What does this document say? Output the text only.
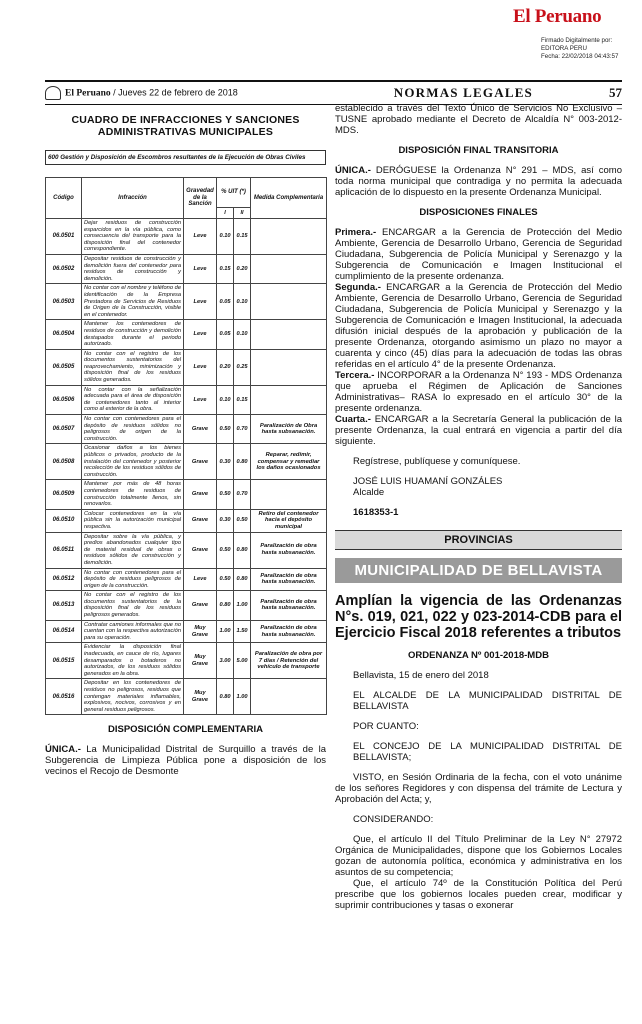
El Peruano
Firmado Digitalmente por:
EDITORA PERU
Fecha: 22/02/2018 04:43:57
El Peruano / Jueves 22 de febrero de 2018	NORMAS LEGALES	57
CUADRO DE INFRACCIONES Y SANCIONES ADMINISTRATIVAS MUNICIPALES
600 Gestión y Disposición de Escombros resultantes de la Ejecución de Obras Civiles
Código	Infracción	Gravedad de la Sanción	% UIT (*)		Medida Complementaria
			I	II	
06.0501	Dejar residuos de construcción esparcidos en la vía pública, como consecuencia del transporte para la disposición final del contenedor correspondiente.	Leve	0.10	0.15	
06.0502	Depositar residuos de construcción y demolición fuera del contenedor para residuos de construcción y demolición.	Leve	0.15	0.20	
06.0503	No contar con el nombre y teléfono de identificación de la Empresa Prestadora de Servicios de Residuos de Origen de la Construcción, visible en el contenedor.	Leve	0.05	0.10	
06.0504	Mantener los contenedores de residuos de construcción y demolición destapados durante el periodo autorizado.	Leve	0.05	0.10	
06.0505	No contar con el registro de los documentos sustentatorios del reaprovechamiento, minimización y disposición final de los residuos sólidos generados.	Leve	0.20	0.25	
06.0506	No contar con la señalización adecuada para el área de disposición de contenedores tanto al interior como al exterior de la obra.	Leve	0.10	0.15	
06.0507	No contar con contenedores para el depósito de residuos sólidos no peligrosos de origen de la construcción.	Grave	0.50	0.70	Paralización de Obra hasta subsanación.
06.0508	Ocasionar daños a los bienes públicos o privados, producto de la instalación del contenedor y posterior recolección de los residuos sólidos de construcción.	Grave	0.30	0.80	Reparar, redimir, compensar y remediar los daños ocasionados
06.0509	Mantener por más de 48 horas contenedores de residuos de construcción totalmente llenos, sin renovarlos.	Grave	0.50	0.70	
06.0510	Colocar contenedores en la vía pública sin la autorización municipal respectiva.	Grave	0.30	0.50	Retiro del contenedor hacia el depósito municipal
06.0511	Depositar sobre la vía pública, y predios abandonados cualquier tipo de material residual de obras o residuos sólidos de construcción y demolición.	Grave	0.50	0.80	Paralización de obra hasta subsanación.
06.0512	No contar con contenedores para el depósito de residuos peligrosos de origen de la construcción.	Leve	0.50	0.80	Paralización de obra hasta subsanación.
06.0513	No contar con el registro de los documentos sustentatorios de la disposición final de los residuos peligrosos generados.	Grave	0.80	1.00	Paralización de obra hasta subsanación.
06.0514	Contratar camiones informales que no cuentan con la respectiva autorización para su operación.	Muy Grave	1.00	1.50	Paralización de obra hasta subsanación.
06.0515	Evidenciar la disposición final inadecuada, en cauce de río, lugares desamparados o botaderos no autorizados, de los residuos sólidos generados en la obra.	Muy Grave	3.00	5.00	Paralización de obra por 7 días / Retención del vehículo de transporte
06.0516	Depositar en los contenedores de residuos no peligrosos, residuos que contengan materiales inflamables, explosivos, nocivos, corrosivos y en general residuos peligrosos.	Muy Grave	0.80	1.00	
DISPOSICIÓN COMPLEMENTARIA
ÚNICA.- La Municipalidad Distrital de Surquillo a través de la Subgerencia de Limpieza Pública pone a disposición de los vecinos el Recojo de Desmonte
establecido a través del Texto Único de Servicios No Exclusivo – TUSNE aprobado mediante el Decreto de Alcaldía N° 003-2012-MDS.
DISPOSICIÓN FINAL TRANSITORIA
ÚNICA.- DERÓGUESE la Ordenanza N° 291 – MDS, así como toda norma municipal que contradiga y no permita la adecuada aplicación de lo dispuesto en la presente Ordenanza Municipal.
DISPOSICIONES FINALES
Primera.- ENCARGAR a la Gerencia de Protección del Medio Ambiente, Gerencia de Desarrollo Urbano, Gerencia de Seguridad Ciudadana, Subgerencia de Policía Municipal y Serenazgo y la Subgerencia de Comunicación e Imagen Institucional el cumplimiento de la presente ordenanza.
Segunda.- ENCARGAR a la Gerencia de Protección del Medio Ambiente, Gerencia de Desarrollo Urbano, Gerencia de Seguridad Ciudadana, Subgerencia de Policía Municipal y Serenazgo y la Subgerencia de Comunicación e Imagen Institucional, la adecuada difusión inicial después de la aprobación y publicación de la presente Ordenanza, otorgando asimismo un plazo no mayor a cuarenta y cinco (45) días para la adecuación de todas las obras referidas en el artículo 4° de la presente Ordenanza.
Tercera.- INCORPORAR a la Ordenanza N° 193 - MDS Ordenanza que aprueba el Régimen de Aplicación de Sanciones Administrativas– RASA lo expresado en el artículo 30° de la presente ordenanza.
Cuarta.- ENCARGAR a la Secretaría General la publicación de la presente Ordenanza, la cual entrará en vigencia a partir del día siguiente.
Regístrese, publíquese y comuníquese.
JOSÉ LUIS HUAMANÍ GONZÁLES
Alcalde
1618353-1
PROVINCIAS
MUNICIPALIDAD DE BELLAVISTA
Amplían la vigencia de las Ordenanzas N°s. 019, 021, 022 y 023-2014-CDB para el Ejercicio Fiscal 2018 referentes a tributos
ORDENANZA Nº 001-2018-MDB
Bellavista, 15 de enero del 2018
EL ALCALDE DE LA MUNICIPALIDAD DISTRITAL DE BELLAVISTA
POR CUANTO:
EL CONCEJO DE LA MUNICIPALIDAD DISTRITAL DE BELLAVISTA;
VISTO, en Sesión Ordinaria de la fecha, con el voto unánime de los señores Regidores y con dispensa del trámite de Lectura y Aprobación del Acta; y,
CONSIDERANDO:
Que, el artículo II del Título Preliminar de la Ley N° 27972 Orgánica de Municipalidades, dispone que los Gobiernos Locales gozan de autonomía política, económica y administrativa en los asuntos de su competencia;
Que, el artículo 74º de la Constitución Política del Perú prescribe que los gobiernos locales pueden crear, modificar y suprimir contribuciones y tasas o exonerar
